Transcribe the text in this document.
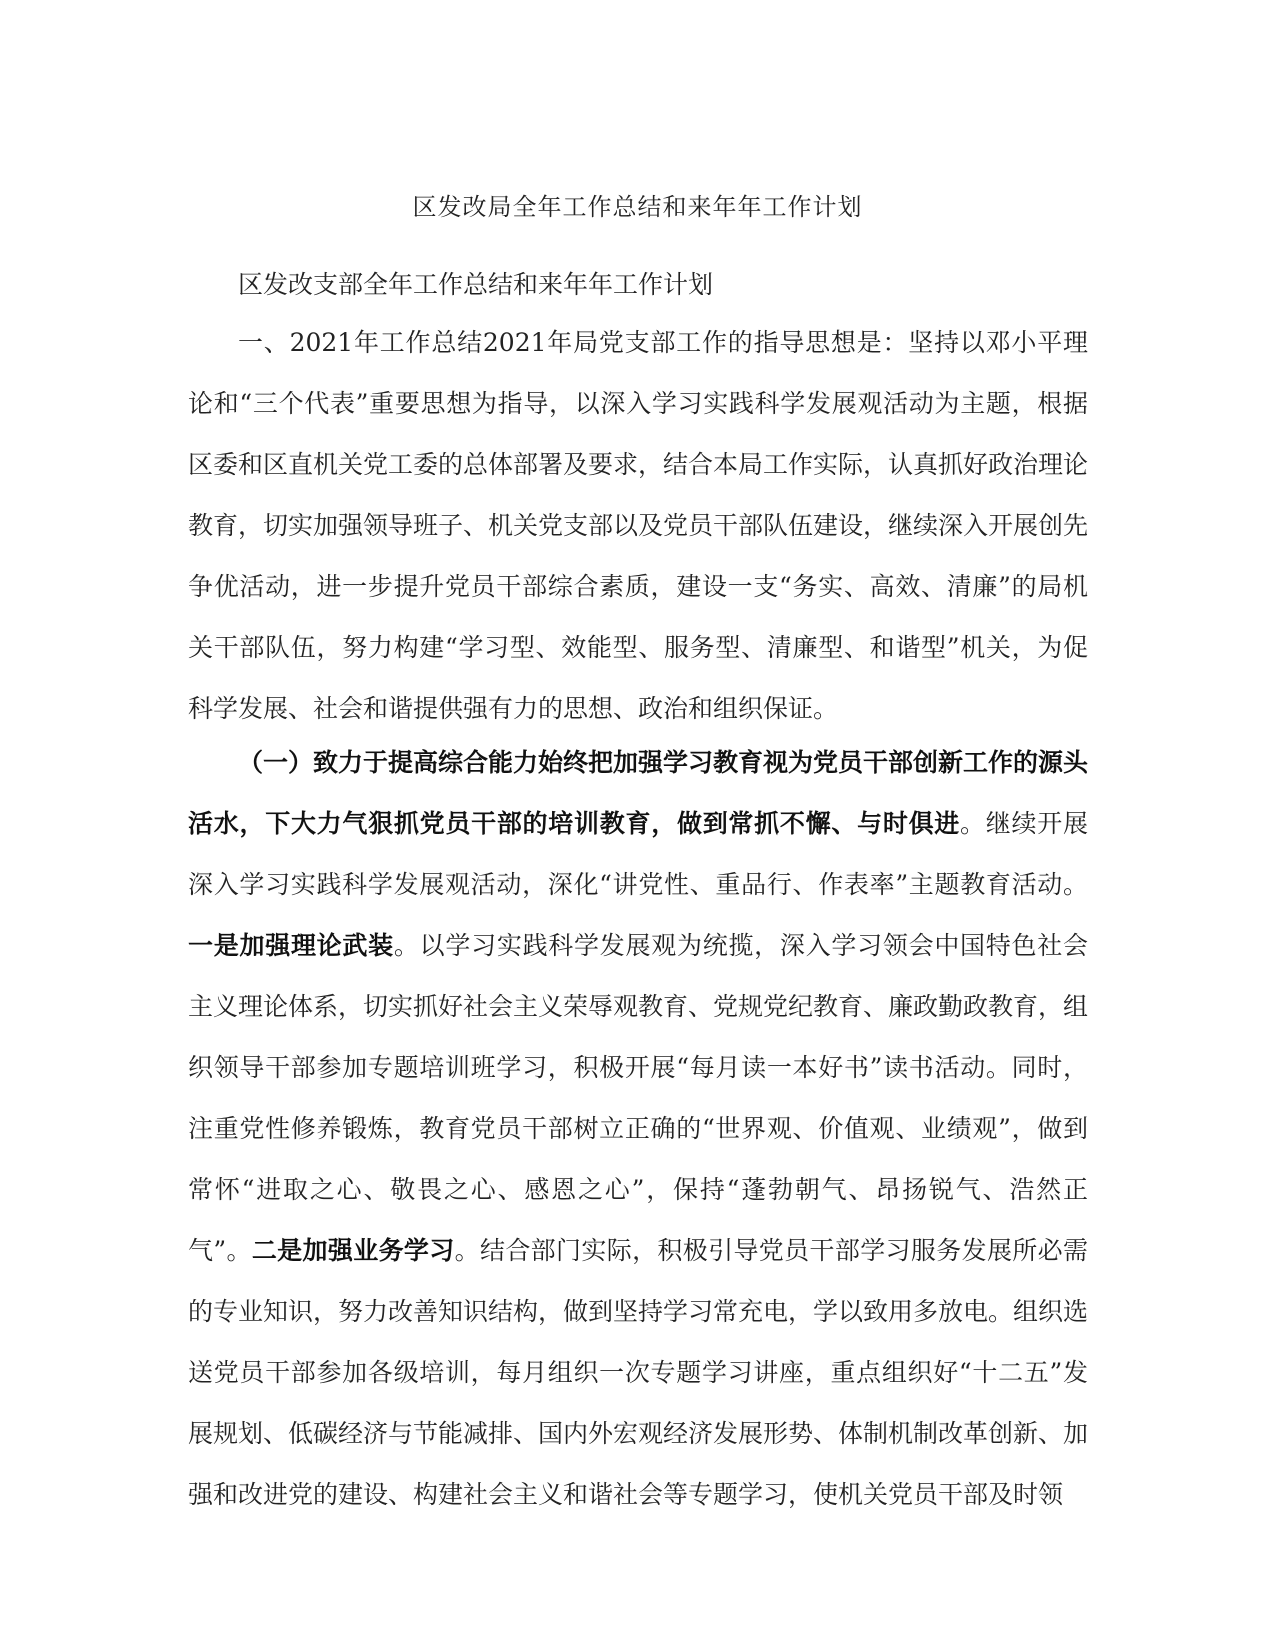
区发改局全年工作总结和来年年工作计划

区发改支部全年工作总结和来年年工作计划

一、2021年工作总结2021年局党支部工作的指导思想是：坚持以邓小平理论和“三个代表”重要思想为指导，以深入学习实践科学发展观活动为主题，根据区委和区直机关党工委的总体部署及要求，结合本局工作实际，认真抓好政治理论教育，切实加强领导班子、机关党支部以及党员干部队伍建设，继续深入开展创先争优活动，进一步提升党员干部综合素质，建设一支“务实、高效、清廉”的局机关干部队伍，努力构建“学习型、效能型、服务型、清廉型、和谐型”机关，为促科学发展、社会和谐提供强有力的思想、政治和组织保证。

（一）致力于提高综合能力始终把加强学习教育视为党员干部创新工作的源头活水，下大力气狠抓党员干部的培训教育，做到常抓不懈、与时俱进。继续开展深入学习实践科学发展观活动，深化“讲党性、重品行、作表率”主题教育活动。一是加强理论武装。以学习实践科学发展观为统揽，深入学习领会中国特色社会主义理论体系，切实抓好社会主义荣辱观教育、党规党纪教育、廉政勤政教育，组织领导干部参加专题培训班学习，积极开展“每月读一本好书”读书活动。同时，注重党性修养锻炼，教育党员干部树立正确的“世界观、价值观、业绩观”，做到常怀“进取之心、敬畏之心、感恩之心”，保持“蓬勃朝气、昂扬锐气、浩然正气”。二是加强业务学习。结合部门实际，积极引导党员干部学习服务发展所必需的专业知识，努力改善知识结构，做到坚持学习常充电，学以致用多放电。组织选送党员干部参加各级培训，每月组织一次专题学习讲座，重点组织好“十二五”发展规划、低碳经济与节能减排、国内外宏观经济发展形势、体制机制改革创新、加强和改进党的建设、构建社会主义和谐社会等专题学习，使机关党员干部及时领
